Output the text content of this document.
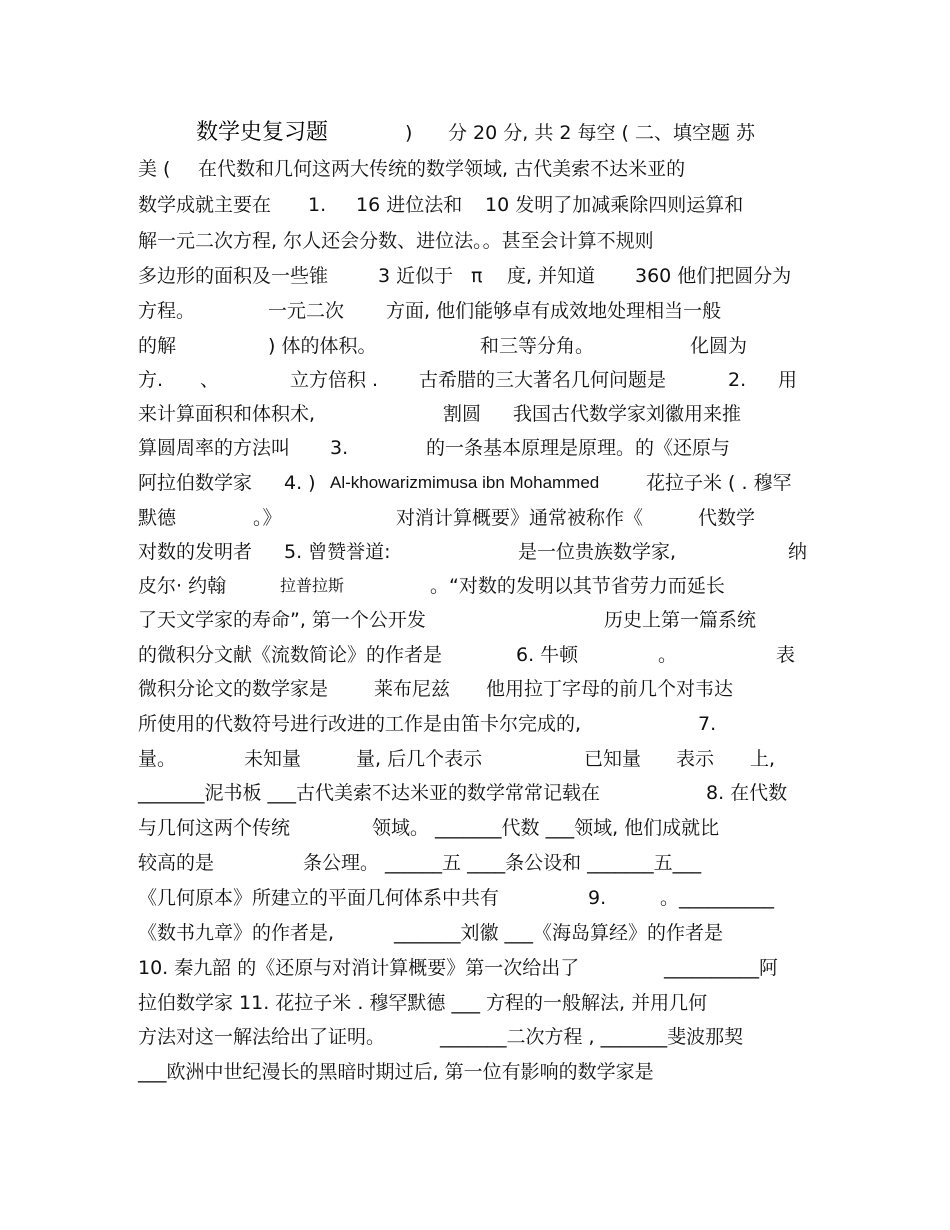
数学史复习题	) 分 20 分, 共 2 每空 ( 二、填空题 苏
美 ( 在代数和几何这两大传统的数学领域, 古代美索不达米亚的
数学成就主要在 1. 16 进位法和 10 发明了加减乘除四则运算和
解一元二次方程, 尔人还会分数、进位法。。甚至会计算不规则
多边形的面积及一些锥	3 近似于 π 度, 并知道 360 他们把圆分为
方程。	一元二次 方面, 他们能够卓有成效地处理相当一般
的解	) 体的体积。	和三等分角。	化圆为
方. 、	立方倍积 . 古希腊的三大著名几何问题是	2. 用
来计算面积和体积术,	割圆 我国古代数学家刘徽用来推
算圆周率的方法叫 3.	的一条基本原理是原理。的《还原与
阿拉伯数学家 4. ) Al-khowarizmimusa ibn Mohammed 花拉子米 ( . 穆罕
默德	。》	对消计算概要》通常被称作《	代数学
对数的发明者 5. 曾赞誉道:	是一位贵族数学家,	纳
皮尔· 约翰	拉普拉斯	。“对数的发明以其节省劳力而延长
了天文学家的寿命”, 第一个公开发	历史上第一篇系统
的微积分文献《流数简论》的作者是	6. 牛顿	。	表
微积分论文的数学家是 莱布尼兹 他用拉丁字母的前几个对韦达
所使用的代数符号进行改进的工作是由笛卡尔完成的,	7.
量。	未知量	量, 后几个表示	已知量 表示 上,
_______泥书板 ___古代美索不达米亚的数学常常记载在	8. 在代数
与几何这两个传统	领域。 _______代数 ___领域, 他们成就比
较高的是	条公理。 ______五 ____条公设和 _______五___
《几何原本》所建立的平面几何体系中共有	9.	。__________
《数书九章》的作者是,	_______刘徽 ___《海岛算经》的作者是
10. 秦九韶 的《还原与对消计算概要》第一次给出了	__________阿
拉伯数学家 11. 花拉子米 . 穆罕默德 ___ 方程的一般解法, 并用几何
方法对这一解法给出了证明。	_______二次方程 , _______斐波那契
___欧洲中世纪漫长的黑暗时期过后, 第一位有影响的数学家是
